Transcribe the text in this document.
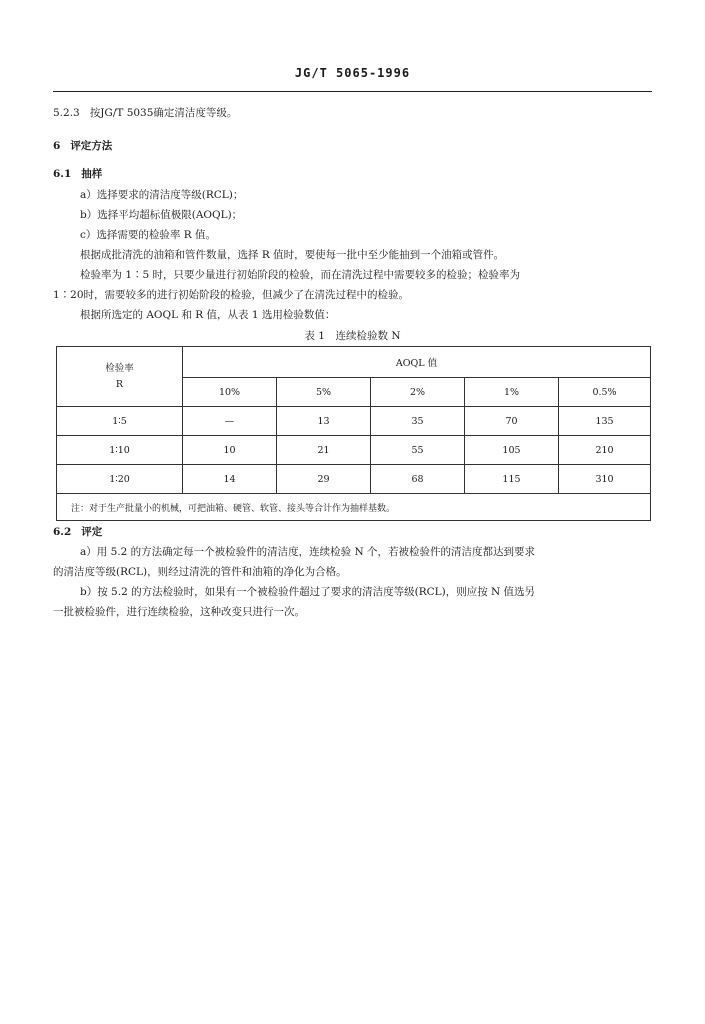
JG/T 5065-1996
5.2.3 按JG/T 5035确定清洁度等级。
6 评定方法
6.1 抽样
a）选择要求的清洁度等级(RCL)；
b）选择平均超标值极限(AOQL)；
c）选择需要的检验率 R 值。
根据成批清洗的油箱和管件数量，选择 R 值时，要使每一批中至少能抽到一个油箱或管件。
检验率为 1∶5 时，只要少量进行初始阶段的检验，而在清洗过程中需要较多的检验；检验率为
1∶20时，需要较多的进行初始阶段的检验，但减少了在清洗过程中的检验。
根据所选定的 AOQL 和 R 值，从表 1 选用检验数值：
表 1　连续检验数 N
检验率
R	AOQL 值				
	10%	5%	2%	1%	0.5%
1∶5	—	13	35	70	135
1∶10	10	21	55	105	210
1∶20	14	29	68	115	310
注：对于生产批量小的机械，可把油箱、硬管、软管、接头等合计作为抽样基数。					
6.2 评定
a）用 5.2 的方法确定每一个被检验件的清洁度，连续检验 N 个，若被检验件的清洁度都达到要求
的清洁度等级(RCL)，则经过清洗的管件和油箱的净化为合格。
b）按 5.2 的方法检验时，如果有一个被检验件超过了要求的清洁度等级(RCL)，则应按 N 值选另
一批被检验件，进行连续检验，这种改变只进行一次。
